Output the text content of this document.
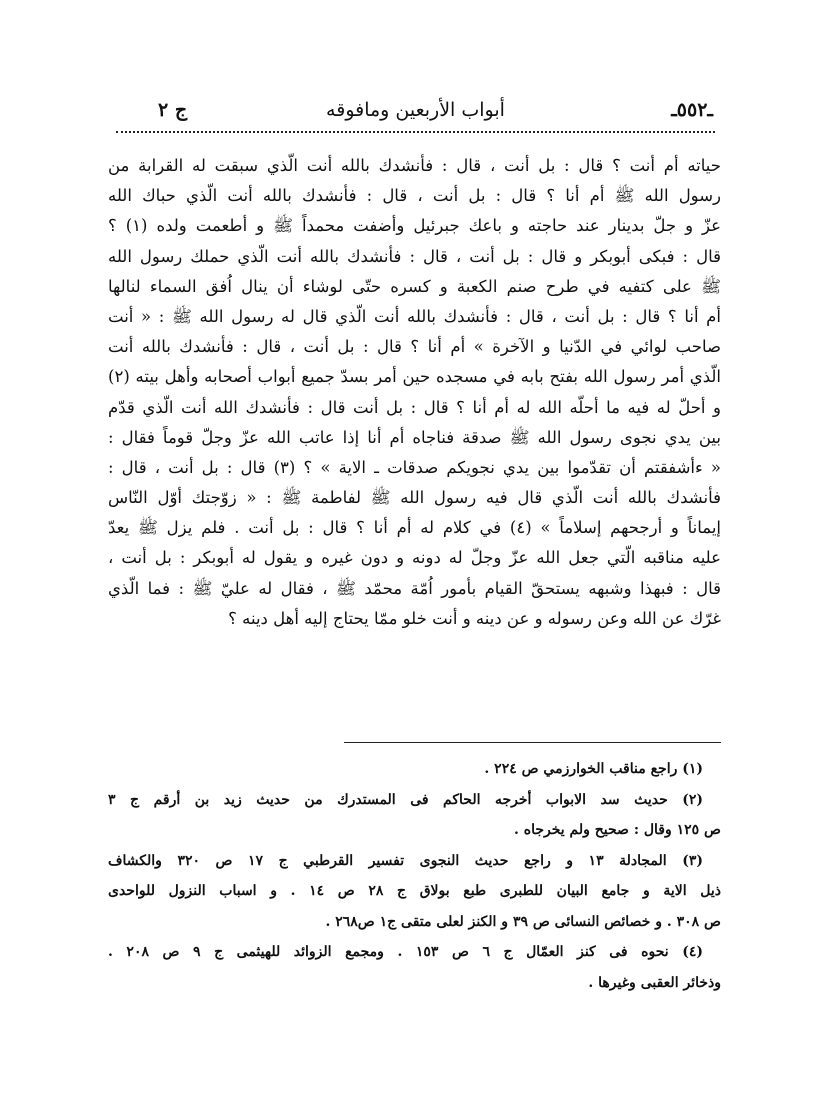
ـ٥٥٢ـ
أبواب الأربعين ومافوقه
ج ٢
حياته أم أنت ؟ قال : بل أنت ، قال : فأنشدك بالله أنت الّذي سبقت له القرابة من
رسول الله ﷺ أم أنا ؟ قال : بل أنت ، قال : فأنشدك بالله أنت الّذي حباك الله
عزّ و جلّ بدينار عند حاجته و باعك جبرئيل وأضفت محمداً ﷺ و أطعمت ولده (١) ؟
قال : فبكى أبوبكر و قال : بل أنت ، قال : فأنشدك بالله أنت الّذي حملك رسول الله
ﷺ على كتفيه في طرح صنم الكعبة و كسره حتّى لوشاء أن ينال اُفق السماء لنالها
أم أنا ؟ قال : بل أنت ، قال : فأنشدك بالله أنت الّذي قال له رسول الله ﷺ : « أنت
صاحب لوائي في الدّنيا و الآخرة » أم أنا ؟ قال : بل أنت ، قال : فأنشدك بالله أنت
الّذي أمر رسول الله بفتح بابه في مسجده حين أمر بسدّ جميع أبواب أصحابه وأهل بيته (٢)
و أحلّ له فيه ما أحلّه الله له أم أنا ؟ قال : بل أنت قال : فأنشدك الله أنت الّذي قدّم
بين يدي نجوى رسول الله ﷺ صدقة فناجاه أم أنا إذا عاتب الله عزّ وجلّ قوماً فقال :
« ءأشفقتم أن تقدّموا بين يدي نجويكم صدقات ـ الاية » ؟ (٣) قال : بل أنت ، قال :
فأنشدك بالله أنت الّذي قال فيه رسول الله ﷺ لفاطمة ﷺ : « زوّجتك أوّل النّاس
إيماناً و أرجحهم إسلاماً » (٤) في كلام له أم أنا ؟ قال : بل أنت . فلم يزل ﷺ يعدّ
عليه مناقبه الّتي جعل الله عزّ وجلّ له دونه و دون غيره و يقول له أبوبكر : بل أنت ،
قال : فبهذا وشبهه يستحقّ القيام بأمور اُمّة محمّد ﷺ ، فقال له عليّ ﷺ : فما الّذي
غرّك عن الله وعن رسوله و عن دينه و أنت خلو ممّا يحتاج إليه أهل دينه ؟
(١) راجع مناقب الخوارزمي ص ٢٢٤ .
(٢) حديث سد الابواب أخرجه الحاكم فى المستدرك من حديث زيد بن أرقم ج ٣
ص ١٢٥ وقال : صحيح ولم يخرجاه .
(٣) المجادلة ١٣ و راجع حديث النجوى تفسير القرطبي ج ١٧ ص ٣٢٠ والكشاف
ذيل الاية و جامع البيان للطبرى طبع بولاق ج ٢٨ ص ١٤ . و اسباب النزول للواحدى
ص ٣٠٨ . و خصائص النسائى ص ٣٩ و الكنز لعلى متقى ج١ ص٢٦٨ .
(٤) نحوه فى كنز العمّال ج ٦ ص ١٥٣ . ومجمع الزوائد للهيثمى ج ٩ ص ٢٠٨ .
وذخائر العقبى وغيرها .
